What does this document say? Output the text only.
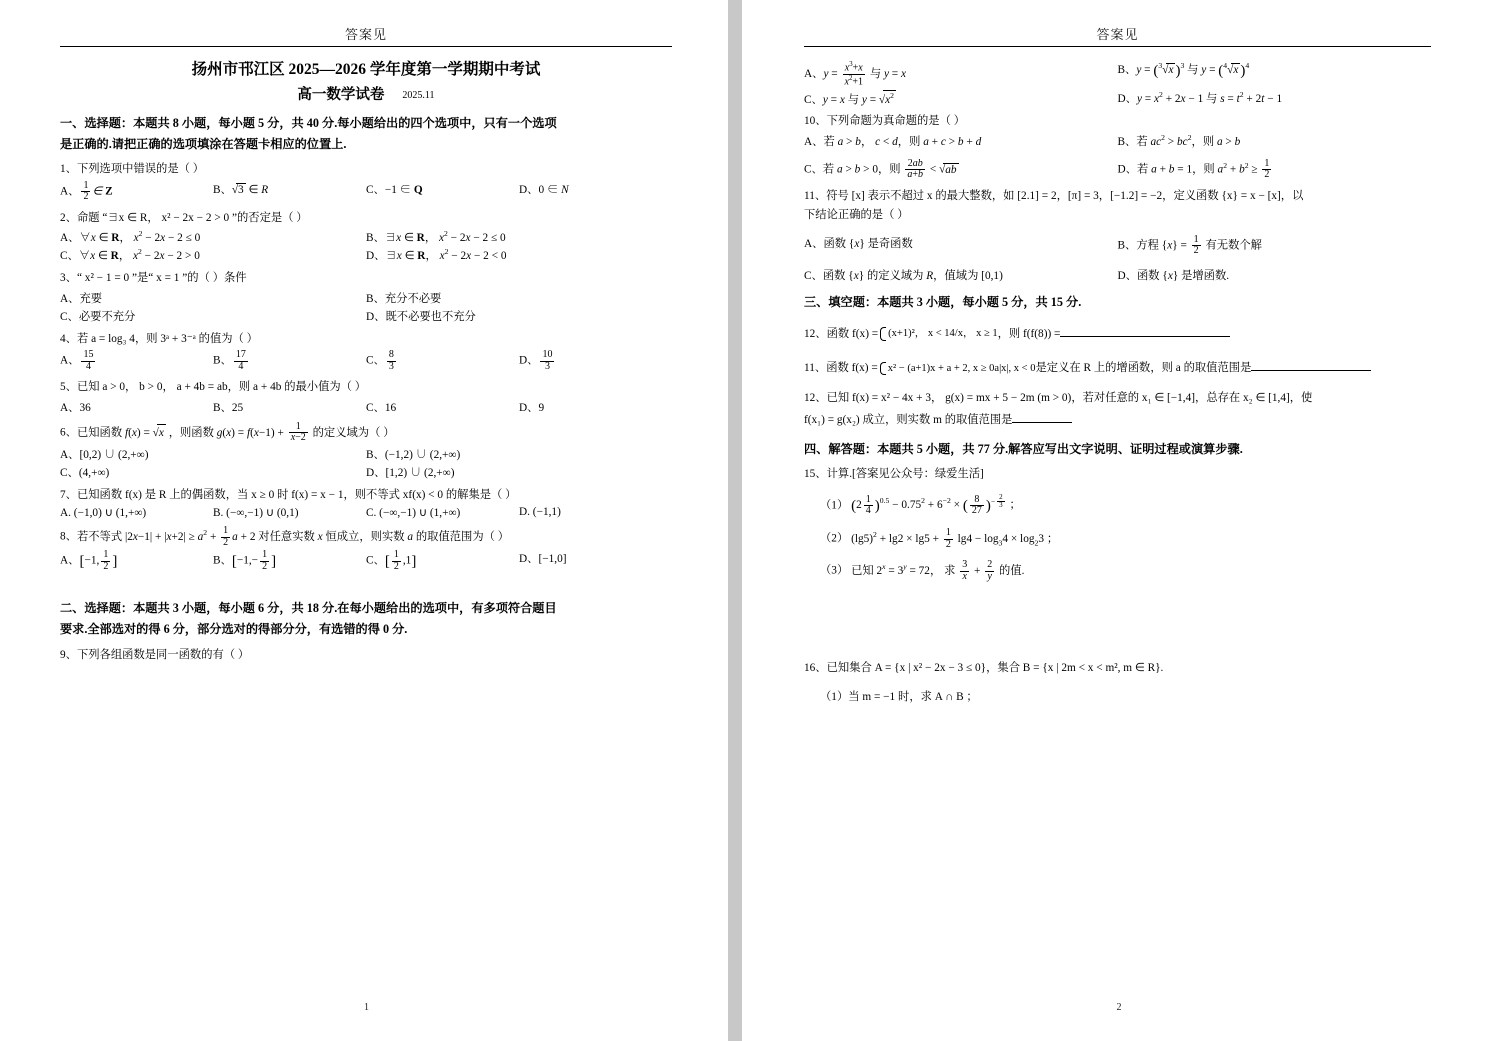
答案见
扬州市邗江区 2025—2026 学年度第一学期期中考试
高一数学试卷 2025.11
一、选择题：本题共 8 小题，每小题 5 分，共 40 分.每小题给出的四个选项中，只有一个选项
是正确的.请把正确的选项填涂在答题卡相应的位置上.
1、下列选项中错误的是（ ）
A、 $\frac{1}{2}$ ∈ Z	B、√3 ∈ R	C、−1 ∈ Q	D、0 ∈ N
2、命题 “∃x ∈ R， x² − 2x − 2 > 0 ”的否定是（ ）
A、∀x ∈ R， $x^2 - 2x - 2 \le 0$	B、∃x ∈ R， $x^2 - 2x - 2 \le 0$
C、∀x ∈ R， $x^2 - 2x - 2 > 0$	D、∃x ∈ R， $x^2 - 2x - 2 < 0$
3、“ x² − 1 = 0 ”是“ x = 1 ”的（ ）条件
A、充要	B、充分不必要
C、必要不充分	D、既不必要也不充分
4、若 a = log₃ 4，则 3ᵃ + 3⁻ᵃ 的值为（ ）
A、 $\frac{15}{4}$	B、 $\frac{17}{4}$	C、 $\frac{8}{3}$	D、 $\frac{10}{3}$
5、已知 a > 0， b > 0， a + 4b = ab，则 a + 4b 的最小值为（ ）
A、36	B、25	C、16	D、9
6、已知函数 f(x) = √x ，则函数 $g(x) = f(x-1) + \frac{1}{x-2}$ 的定义域为（ ）
A、[0,2) ∪ (2,+∞)	B、(−1,2) ∪ (2,+∞)
C、(4,+∞)	D、[1,2) ∪ (2,+∞)
7、已知函数 f(x) 是 R 上的偶函数，当 x ≥ 0 时 f(x) = x − 1，则不等式 xf(x) < 0 的解集是（ ）
A. (−1,0) ∪ (1,+∞)	B. (−∞,−1) ∪ (0,1)	C. (−∞,−1) ∪ (1,+∞)	D. (−1,1)
8、若不等式 $|2x-1| + |x+2| \ge a^2 + \frac{1}{2}$ a + 2 对任意实数 x 恒成立，则实数 a 的取值范围为（ ）
A、[−1, $\frac{1}{2}$ ]	B、[$-1,- \frac{1}{2}$ ]	C、[ $\frac{1}{2} ,1$]	D、[−1,0]
二、选择题：本题共 3 小题，每小题 6 分，共 18 分.在每小题给出的选项中，有多项符合题目
要求.全部选对的得 6 分，部分选对的得部分分，有选错的得 0 分.
9、下列各组函数是同一函数的有（ ）
1
答案见
A、$y = \frac{x^3+x}{x^2+1}$ 与 y = x	B、y = ($^3$√x )$^3$ 与 y = ($^4$√x )$^4$
C、y = x 与 $y = √x^2$	D、$y = x^2 + 2x - 1$ 与 $s = t^2 + 2t - 1$
10、下列命题为真命题的是（ ）
A、若 a > b， c < d，则 a + c > b + d	B、若 $ac^2 > bc^2$，则 a > b
C、若 a > b > 0，则 $\frac{2ab}{a+b} < √ab$	D、若 a + b = 1，则 $a^2 + b^2 \ge \frac{1}{2}$
11、符号 [x] 表示不超过 x 的最大整数，如 [2.1] = 2，[π] = 3，[−1.2] = −2，定义函数 {x} = x − [x]，以
下结论正确的是（ ）
A、函数 {x} 是奇函数	B、方程 $\{x\} = \frac{1}{2}$ 有无数个解
C、函数 {x} 的定义域为 R，值域为 [0,1)	D、函数 {x} 是增函数.
三、填空题：本题共 3 小题，每小题 5 分，共 15 分.
12、函数 f(x) = (x+1)²， x < 14/x， x ≥ 1，则 f(f(8)) =
11、函数 f(x) = x² − (a+1)x + a + 2, x ≥ 0a|x|, x < 0是定义在 R 上的增函数，则 a 的取值范围是
12、已知 f(x) = x² − 4x + 3， g(x) = mx + 5 − 2m (m > 0)，若对任意的 x₁ ∈ [−1,4]，总存在 x₂ ∈ [1,4]，使
f(x₁) = g(x₂) 成立，则实数 m 的取值范围是
四、解答题：本题共 5 小题，共 77 分.解答应写出文字说明、证明过程或演算步骤.
15、计算.[答案见公众号：绿爱生活]
（1） $(2 \frac{1}{4} )^{0.5} - 0.75^2 + 6^{-2}$ × ( $\frac{8}{27} )^{- \frac{2}{3}}$ ；
（2） $(\lg 5)^2 + \lg 2 \times \lg 5 + \frac{1}{2} \lg 4 - \log_34 \times \log_23$ ；
（3） 已知 $2^x = 3^y = 72$， 求 $\frac{3}{x} + \frac{2}{y}$ 的值.
16、已知集合 A = {x | x² − 2x − 3 ≤ 0}，集合 B = {x | 2m < x < m², m ∈ R}.
（1）当 m = −1 时，求 A ∩ B ；
2
